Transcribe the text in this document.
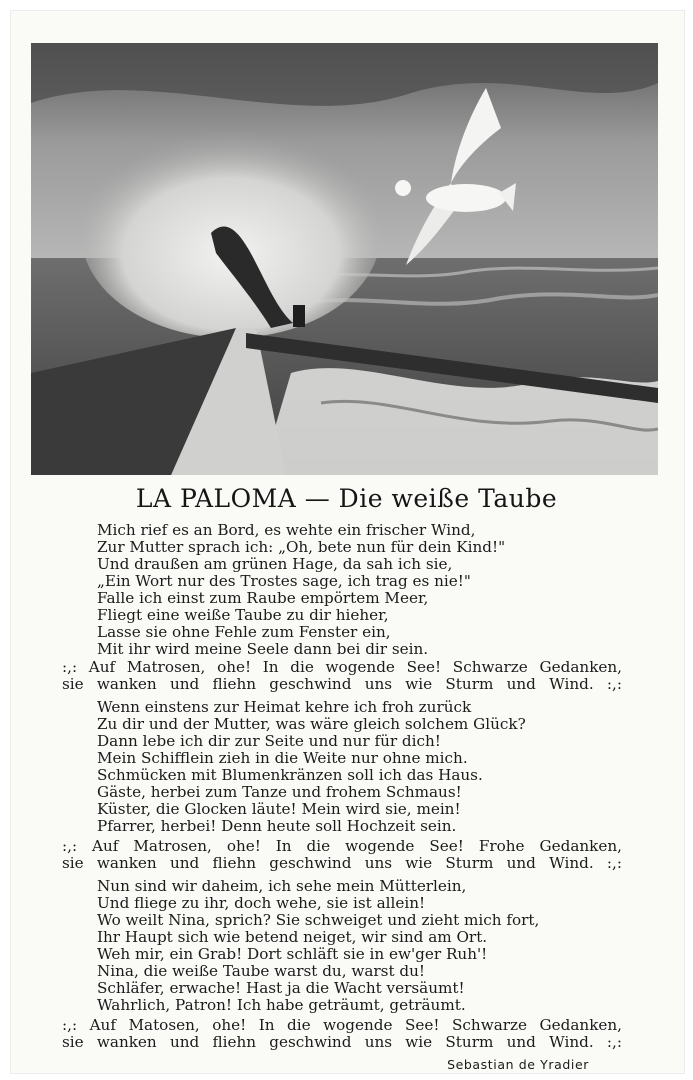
LA PALOMA — Die weiße Taube
Mich rief es an Bord, es wehte ein frischer Wind,
Zur Mutter sprach ich: „Oh, bete nun für dein Kind!"
Und draußen am grünen Hage, da sah ich sie,
„Ein Wort nur des Trostes sage, ich trag es nie!"
Falle ich einst zum Raube empörtem Meer,
Fliegt eine weiße Taube zu dir hieher,
Lasse sie ohne Fehle zum Fenster ein,
Mit ihr wird meine Seele dann bei dir sein.
:,: Auf Matrosen, ohe! In die wogende See! Schwarze Gedanken,
sie wanken und fliehn geschwind uns wie Sturm und Wind. :,:
Wenn einstens zur Heimat kehre ich froh zurück
Zu dir und der Mutter, was wäre gleich solchem Glück?
Dann lebe ich dir zur Seite und nur für dich!
Mein Schifflein zieh in die Weite nur ohne mich.
Schmücken mit Blumenkränzen soll ich das Haus.
Gäste, herbei zum Tanze und frohem Schmaus!
Küster, die Glocken läute! Mein wird sie, mein!
Pfarrer, herbei! Denn heute soll Hochzeit sein.
:,: Auf Matrosen, ohe! In die wogende See! Frohe Gedanken,
sie wanken und fliehn geschwind uns wie Sturm und Wind. :,:
Nun sind wir daheim, ich sehe mein Mütterlein,
Und fliege zu ihr, doch wehe, sie ist allein!
Wo weilt Nina, sprich? Sie schweiget und zieht mich fort,
Ihr Haupt sich wie betend neiget, wir sind am Ort.
Weh mir, ein Grab! Dort schläft sie in ew'ger Ruh'!
Nina, die weiße Taube warst du, warst du!
Schläfer, erwache! Hast ja die Wacht versäumt!
Wahrlich, Patron! Ich habe geträumt, geträumt.
:,: Auf Matosen, ohe! In die wogende See! Schwarze Gedanken,
sie wanken und fliehn geschwind uns wie Sturm und Wind. :,:
Sebastian de Yradier
